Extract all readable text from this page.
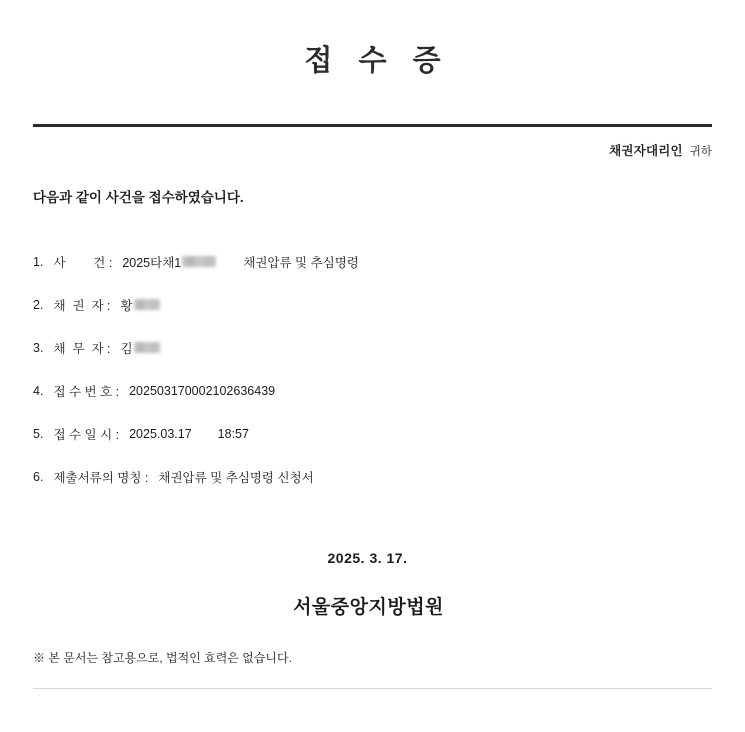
접 수 증
채권자대리인 귀하
다음과 같이 사건을 접수하였습니다.
1. 사        건 : 2025타채1	채권압류 및 추심명령
2. 채  권  자 : 황
3. 채  무  자 : 김
4. 접 수 번 호 : 202503170002102636439
5. 접 수 일 시 : 2025.03.17 18:57
6. 제출서류의 명칭 : 채권압류 및 추심명령 신청서
2025. 3. 17.
서울중앙지방법원
※ 본 문서는 참고용으로, 법적인 효력은 없습니다.
